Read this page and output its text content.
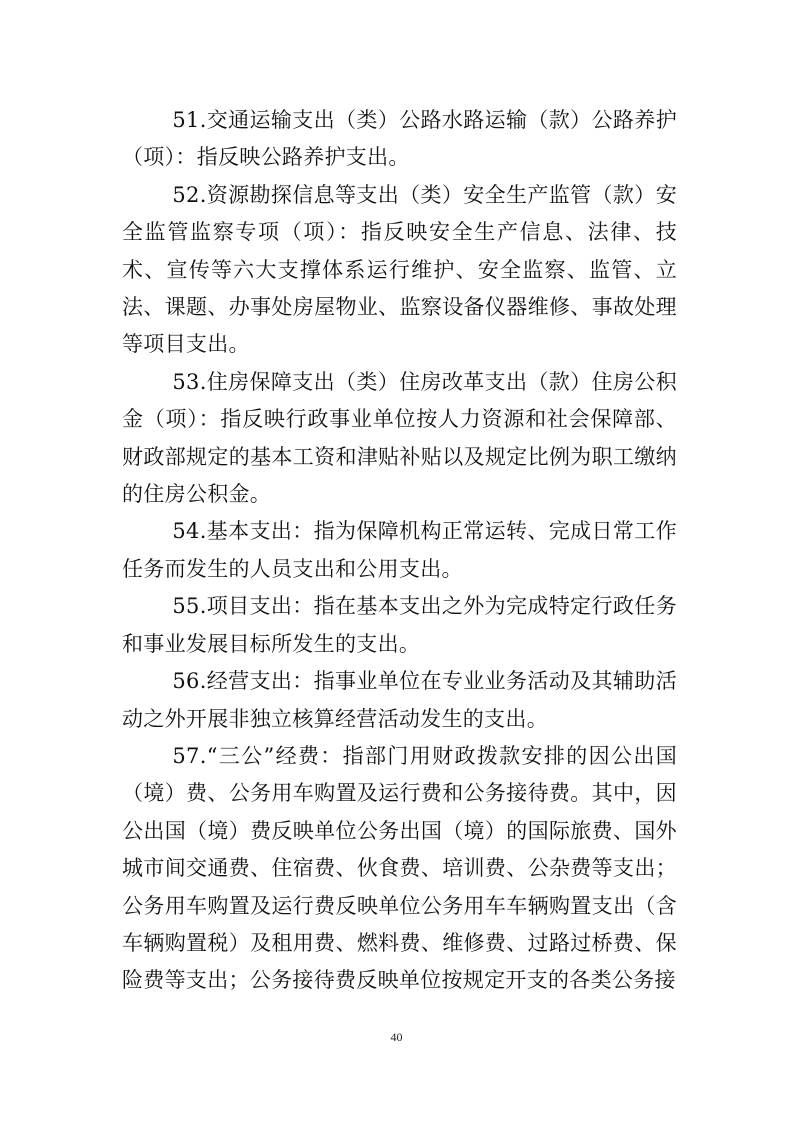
51.交通运输支出（类）公路水路运输（款）公路养护（项）：指反映公路养护支出。

52.资源勘探信息等支出（类）安全生产监管（款）安全监管监察专项（项）：指反映安全生产信息、法律、技术、宣传等六大支撑体系运行维护、安全监察、监管、立法、课题、办事处房屋物业、监察设备仪器维修、事故处理等项目支出。

53.住房保障支出（类）住房改革支出（款）住房公积金（项）：指反映行政事业单位按人力资源和社会保障部、财政部规定的基本工资和津贴补贴以及规定比例为职工缴纳的住房公积金。

54.基本支出：指为保障机构正常运转、完成日常工作任务而发生的人员支出和公用支出。

55.项目支出：指在基本支出之外为完成特定行政任务和事业发展目标所发生的支出。

56.经营支出：指事业单位在专业业务活动及其辅助活动之外开展非独立核算经营活动发生的支出。

57.“三公”经费：指部门用财政拨款安排的因公出国（境）费、公务用车购置及运行费和公务接待费。其中，因公出国（境）费反映单位公务出国（境）的国际旅费、国外城市间交通费、住宿费、伙食费、培训费、公杂费等支出；公务用车购置及运行费反映单位公务用车车辆购置支出（含车辆购置税）及租用费、燃料费、维修费、过路过桥费、保险费等支出；公务接待费反映单位按规定开支的各类公务接

40
